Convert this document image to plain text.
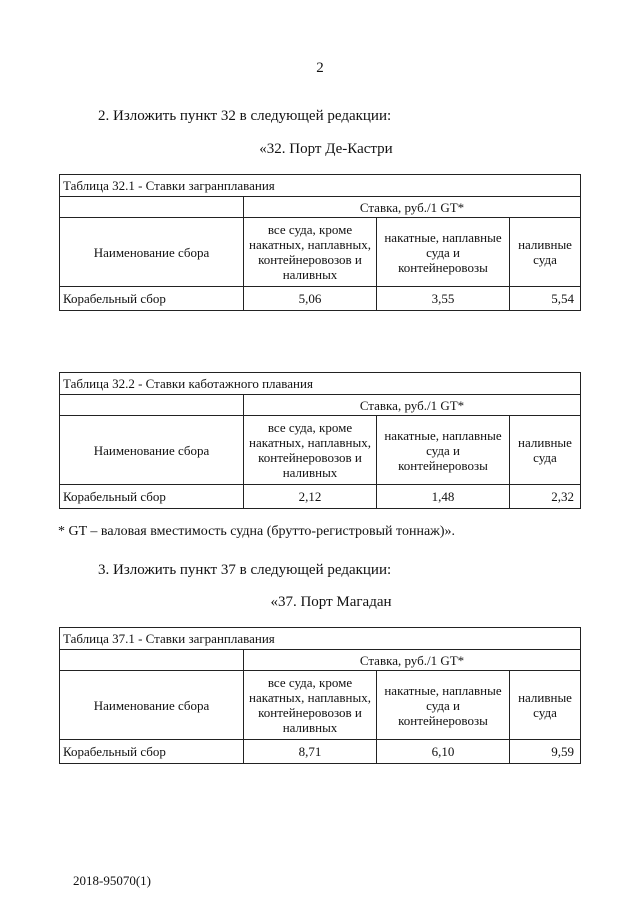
2
2. Изложить пункт 32 в следующей редакции:
«32. Порт Де-Кастри
Таблица 32.1 - Ставки загранплавания			
	Ставка, руб./1 GT*		
Наименование сбора	все суда, кроме накатных, наплавных, контейнеровозов и наливных	накатные, наплавные суда и контейнеровозы	наливные суда
Корабельный сбор	5,06	3,55	5,54
Таблица 32.2 - Ставки каботажного плавания			
	Ставка, руб./1 GT*		
Наименование сбора	все суда, кроме накатных, наплавных, контейнеровозов и наливных	накатные, наплавные суда и контейнеровозы	наливные суда
Корабельный сбор	2,12	1,48	2,32
* GT – валовая вместимость судна (брутто-регистровый тоннаж)».
3. Изложить пункт 37 в следующей редакции:
«37. Порт Магадан
Таблица 37.1 - Ставки загранплавания			
	Ставка, руб./1 GT*		
Наименование сбора	все суда, кроме накатных, наплавных, контейнеровозов и наливных	накатные, наплавные суда и контейнеровозы	наливные суда
Корабельный сбор	8,71	6,10	9,59
2018-95070(1)
